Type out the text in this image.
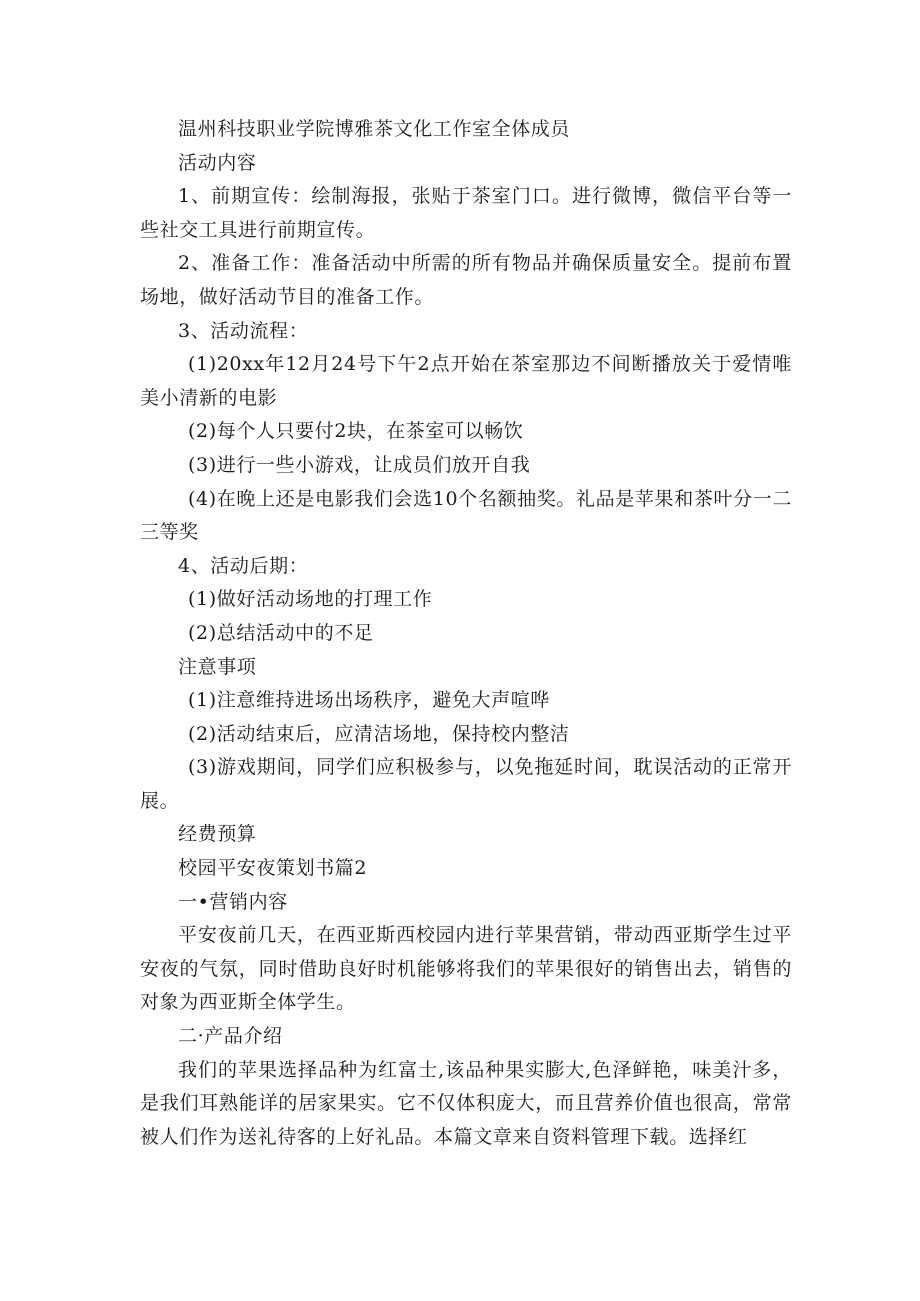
温州科技职业学院博雅茶文化工作室全体成员

活动内容

1、前期宣传：绘制海报，张贴于茶室门口。进行微博，微信平台等一些社交工具进行前期宣传。

2、准备工作：准备活动中所需的所有物品并确保质量安全。提前布置场地，做好活动节目的准备工作。

3、活动流程：

(1)20xx年12月24号下午2点开始在茶室那边不间断播放关于爱情唯美小清新的电影

(2)每个人只要付2块，在茶室可以畅饮

(3)进行一些小游戏，让成员们放开自我

(4)在晚上还是电影我们会选10个名额抽奖。礼品是苹果和茶叶分一二三等奖

4、活动后期：

(1)做好活动场地的打理工作

(2)总结活动中的不足

注意事项

(1)注意维持进场出场秩序，避免大声喧哗

(2)活动结束后，应清洁场地，保持校内整洁

(3)游戏期间，同学们应积极参与，以免拖延时间，耽误活动的正常开展。

经费预算

校园平安夜策划书篇2

一•营销内容

平安夜前几天，在西亚斯西校园内进行苹果营销，带动西亚斯学生过平安夜的气氛，同时借助良好时机能够将我们的苹果很好的销售出去，销售的对象为西亚斯全体学生。

二·产品介绍

我们的苹果选择品种为红富士,该品种果实膨大,色泽鲜艳，味美汁多，是我们耳熟能详的居家果实。它不仅体积庞大，而且营养价值也很高，常常被人们作为送礼待客的上好礼品。本篇文章来自资料管理下载。选择红
